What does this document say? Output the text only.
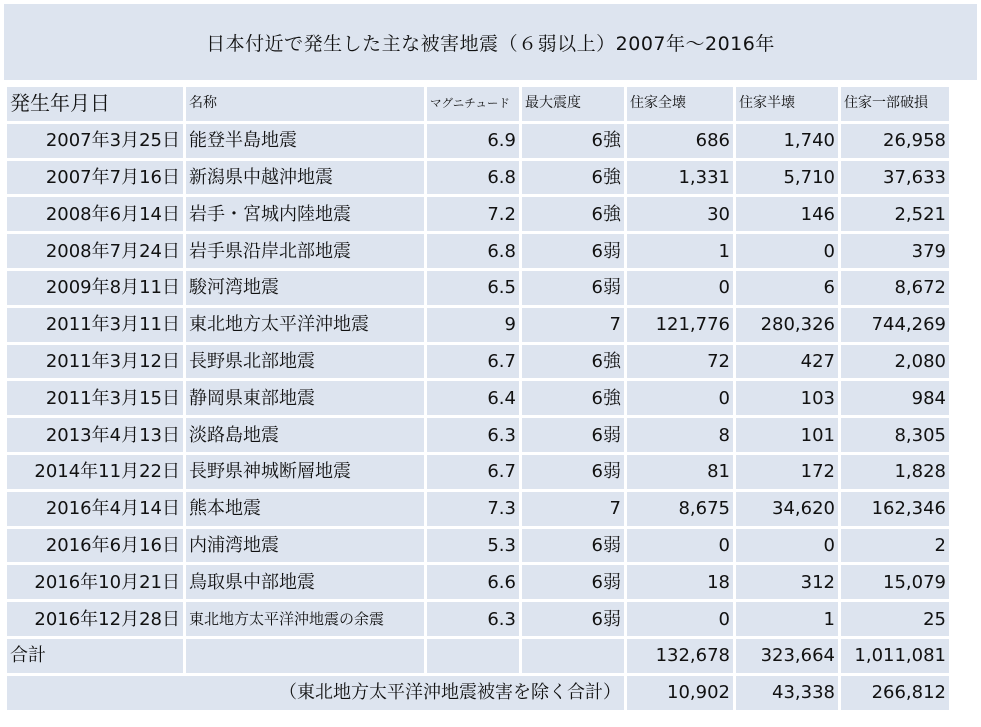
日本付近で発生した主な被害地震（６弱以上）2007年～2016年
発生年月日	名称	マグニチュード	最大震度	住家全壊	住家半壊	住家一部破損
2007年3月25日	能登半島地震	6.9	6強	686	1,740	26,958
2007年7月16日	新潟県中越沖地震	6.8	6強	1,331	5,710	37,633
2008年6月14日	岩手・宮城内陸地震	7.2	6強	30	146	2,521
2008年7月24日	岩手県沿岸北部地震	6.8	6弱	1	0	379
2009年8月11日	駿河湾地震	6.5	6弱	0	6	8,672
2011年3月11日	東北地方太平洋沖地震	9	7	121,776	280,326	744,269
2011年3月12日	長野県北部地震	6.7	6強	72	427	2,080
2011年3月15日	静岡県東部地震	6.4	6強	0	103	984
2013年4月13日	淡路島地震	6.3	6弱	8	101	8,305
2014年11月22日	長野県神城断層地震	6.7	6弱	81	172	1,828
2016年4月14日	熊本地震	7.3	7	8,675	34,620	162,346
2016年6月16日	内浦湾地震	5.3	6弱	0	0	2
2016年10月21日	鳥取県中部地震	6.6	6弱	18	312	15,079
2016年12月28日	東北地方太平洋沖地震の余震	6.3	6弱	0	1	25
合計				132,678	323,664	1,011,081
（東北地方太平洋沖地震被害を除く合計）				10,902	43,338	266,812
